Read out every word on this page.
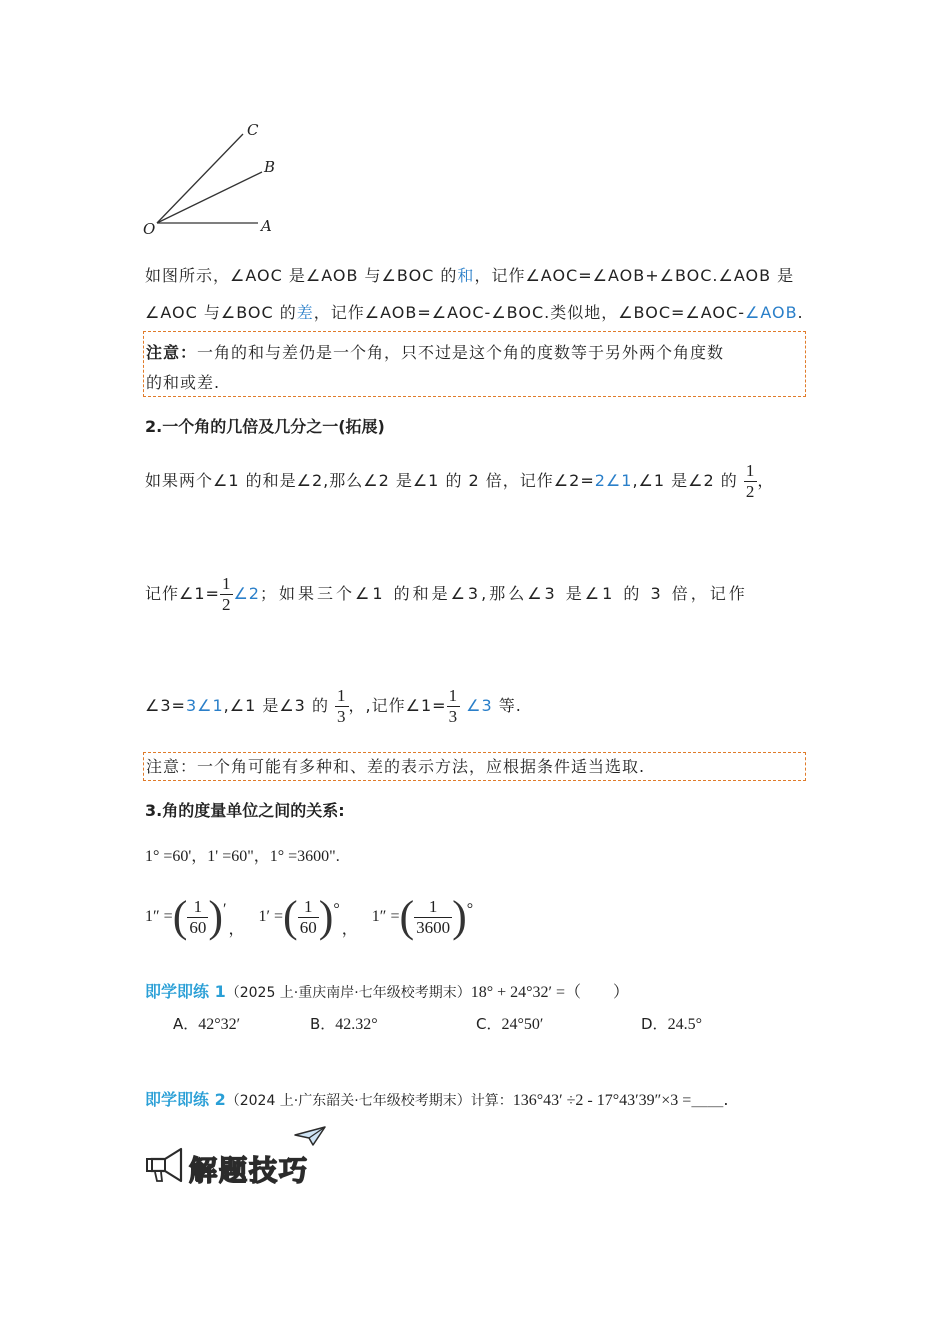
C
B
O	A
如图所示，∠AOC 是∠AOB 与∠BOC 的和，记作∠AOC=∠AOB+∠BOC.∠AOB 是
∠AOC 与∠BOC 的差，记作∠AOB=∠AOC-∠BOC.类似地，∠BOC=∠AOC-∠AOB.
注意：一角的和与差仍是一个角，只不过是这个角的度数等于另外两个角度数
的和或差.
2.一个角的几倍及几分之一(拓展)
如果两个∠1 的和是∠2,那么∠2 是∠1 的 2 倍，记作∠2=2∠1,∠1 是∠2 的 $\frac{1}{2}$ ，
记作∠1= $\frac{1}{2}$ ∠2；如果三个∠1 的和是∠3,那么∠3 是∠1 的 3 倍，记作
∠3=3∠1,∠1 是∠3 的 $\frac{1}{3}$ ，,记作∠1= $\frac{1}{3}$ ∠3 等.
注意：一个角可能有多种和、差的表示方法，应根据条件适当选取.
3.角的度量单位之间的关系:
1° =60'，1' =60"，1° =3600".
1″ = ( $\frac{1}{60}$ ) ′
，
1′ = ( $\frac{1}{60}$ ) °
，
1″ = ( $\frac{1}{3600}$ ) °
即学即练 1（2025 上·重庆南岸·七年级校考期末）18° + 24°32′ =（　　）
A．42°32′	B．42.32°	C．24°50′	D．24.5°
即学即练 2（2024 上·广东韶关·七年级校考期末）计算：136°43′ ÷2 - 17°43′39″×3 =＿＿.
解题技巧
